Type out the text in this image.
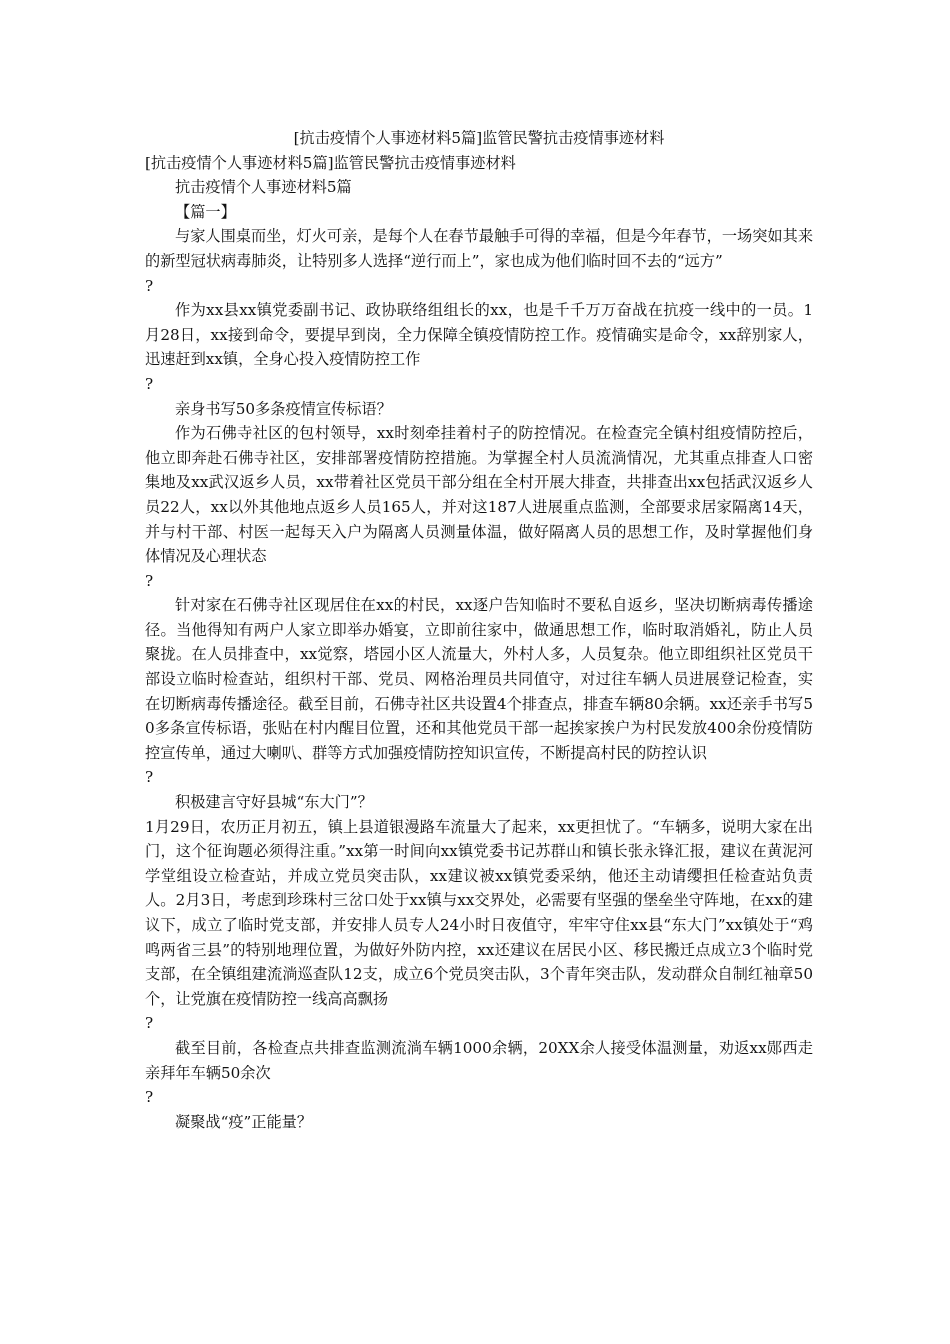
[抗击疫情个人事迹材料5篇]监管民警抗击疫情事迹材料
[抗击疫情个人事迹材料5篇]监管民警抗击疫情事迹材料
抗击疫情个人事迹材料5篇
【篇一】
与家人围桌而坐，灯火可亲，是每个人在春节最触手可得的幸福，但是今年春节，一场突如其来的新型冠状病毒肺炎，让特别多人选择“逆行而上”，家也成为他们临时回不去的“远方”
?
作为xx县xx镇党委副书记、政协联络组组长的xx，也是千千万万奋战在抗疫一线中的一员。1月28日，xx接到命令，要提早到岗，全力保障全镇疫情防控工作。疫情确实是命令，xx辞别家人，迅速赶到xx镇，全身心投入疫情防控工作
?
亲身书写50多条疫情宣传标语？
作为石佛寺社区的包村领导，xx时刻牵挂着村子的防控情况。在检查完全镇村组疫情防控后，他立即奔赴石佛寺社区，安排部署疫情防控措施。为掌握全村人员流淌情况，尤其重点排查人口密集地及xx武汉返乡人员，xx带着社区党员干部分组在全村开展大排查，共排查出xx包括武汉返乡人员22人，xx以外其他地点返乡人员165人，并对这187人进展重点监测，全部要求居家隔离14天，并与村干部、村医一起每天入户为隔离人员测量体温，做好隔离人员的思想工作，及时掌握他们身体情况及心理状态
?
针对家在石佛寺社区现居住在xx的村民，xx逐户告知临时不要私自返乡，坚决切断病毒传播途径。当他得知有两户人家立即举办婚宴，立即前往家中，做通思想工作，临时取消婚礼，防止人员聚拢。在人员排查中，xx觉察，塔园小区人流量大，外村人多，人员复杂。他立即组织社区党员干部设立临时检查站，组织村干部、党员、网格治理员共同值守，对过往车辆人员进展登记检查，实在切断病毒传播途径。截至目前，石佛寺社区共设置4个排查点，排查车辆80余辆。xx还亲手书写50多条宣传标语，张贴在村内醒目位置，还和其他党员干部一起挨家挨户为村民发放400余份疫情防控宣传单，通过大喇叭、群等方式加强疫情防控知识宣传，不断提高村民的防控认识
?
积极建言守好县城“东大门”？
1月29日，农历正月初五，镇上县道银漫路车流量大了起来，xx更担忧了。“车辆多，说明大家在出门，这个征询题必须得注重。”xx第一时间向xx镇党委书记苏群山和镇长张永锋汇报，建议在黄泥河学堂组设立检查站，并成立党员突击队，xx建议被xx镇党委采纳，他还主动请缨担任检查站负责人。2月3日，考虑到珍珠村三岔口处于xx镇与xx交界处，必需要有坚强的堡垒坐守阵地，在xx的建议下，成立了临时党支部，并安排人员专人24小时日夜值守，牢牢守住xx县“东大门”xx镇处于“鸡鸣两省三县”的特别地理位置，为做好外防内控，xx还建议在居民小区、移民搬迁点成立3个临时党支部，在全镇组建流淌巡查队12支，成立6个党员突击队，3个青年突击队，发动群众自制红袖章50个，让党旗在疫情防控一线高高飘扬
?
截至目前，各检查点共排查监测流淌车辆1000余辆，20XX余人接受体温测量，劝返xx郧西走亲拜年车辆50余次
?
凝聚战“疫”正能量？
